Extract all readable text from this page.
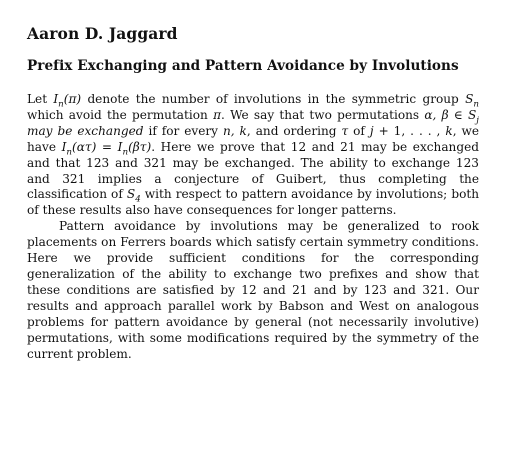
Aaron D. Jaggard
Prefix Exchanging and Pattern Avoidance by Involutions

Let $I_n(\pi)$ denote the number of involutions in the symmetric group $S_n$ which avoid the permutation π. We say that two permutations α, β ∈ $S_j$ may be exchanged if for every n, k, and ordering τ of j + 1, . . . , k, we have $I_n(\alpha\tau) = I_n(\beta\tau)$. Here we prove that 12 and 21 may be exchanged and that 123 and 321 may be exchanged. The ability to exchange 123 and 321 implies a conjecture of Guibert, thus completing the classification of $S_4$ with respect to pattern avoidance by involutions; both of these results also have consequences for longer patterns.

Pattern avoidance by involutions may be generalized to rook placements on Ferrers boards which satisfy certain symmetry conditions. Here we provide sufficient conditions for the corresponding generalization of the ability to exchange two prefixes and show that these conditions are satisfied by 12 and 21 and by 123 and 321. Our results and approach parallel work by Babson and West on analogous problems for pattern avoidance by general (not necessarily involutive) permutations, with some modifications required by the symmetry of the current problem.
